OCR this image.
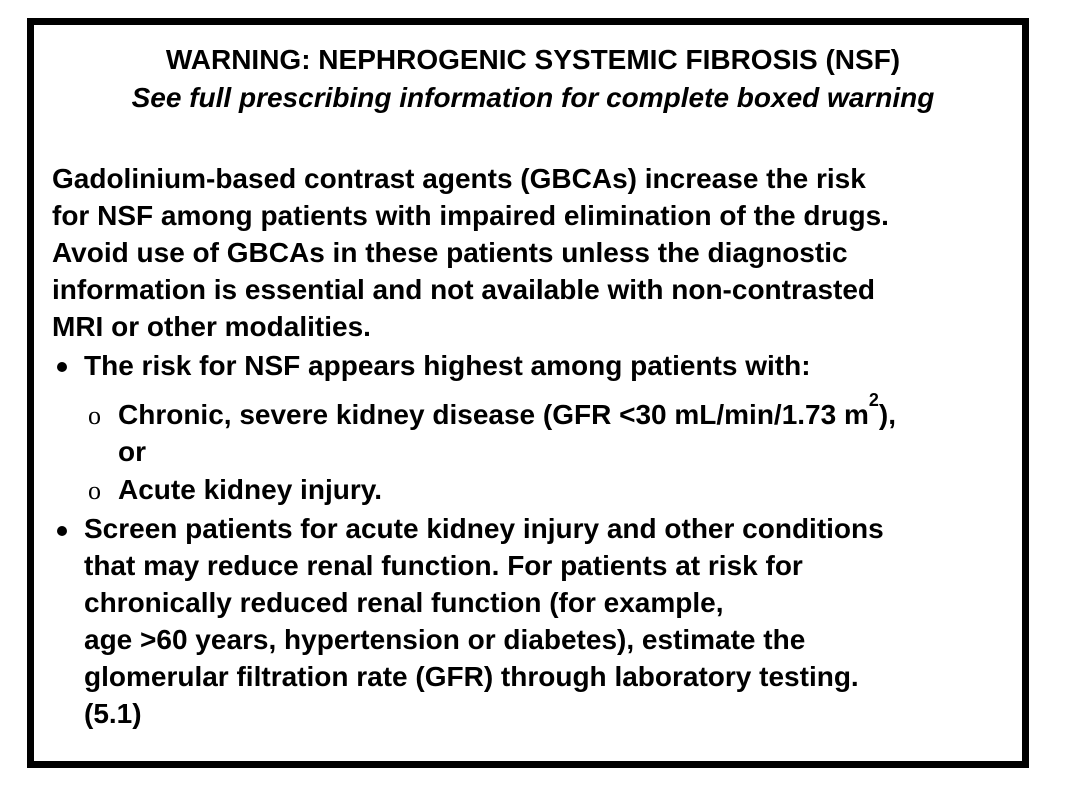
WARNING: NEPHROGENIC SYSTEMIC FIBROSIS (NSF)
See full prescribing information for complete boxed warning
Gadolinium-based contrast agents (GBCAs) increase the risk
for NSF among patients with impaired elimination of the drugs.
Avoid use of GBCAs in these patients unless the diagnostic
information is essential and not available with non-contrasted
MRI or other modalities.
The risk for NSF appears highest among patients with:
o Chronic, severe kidney disease (GFR <30 mL/min/1.73 $m^2$),
or
o Acute kidney injury.
Screen patients for acute kidney injury and other conditions
that may reduce renal function. For patients at risk for
chronically reduced renal function (for example,
age >60 years, hypertension or diabetes), estimate the
glomerular filtration rate (GFR) through laboratory testing.
(5.1)
